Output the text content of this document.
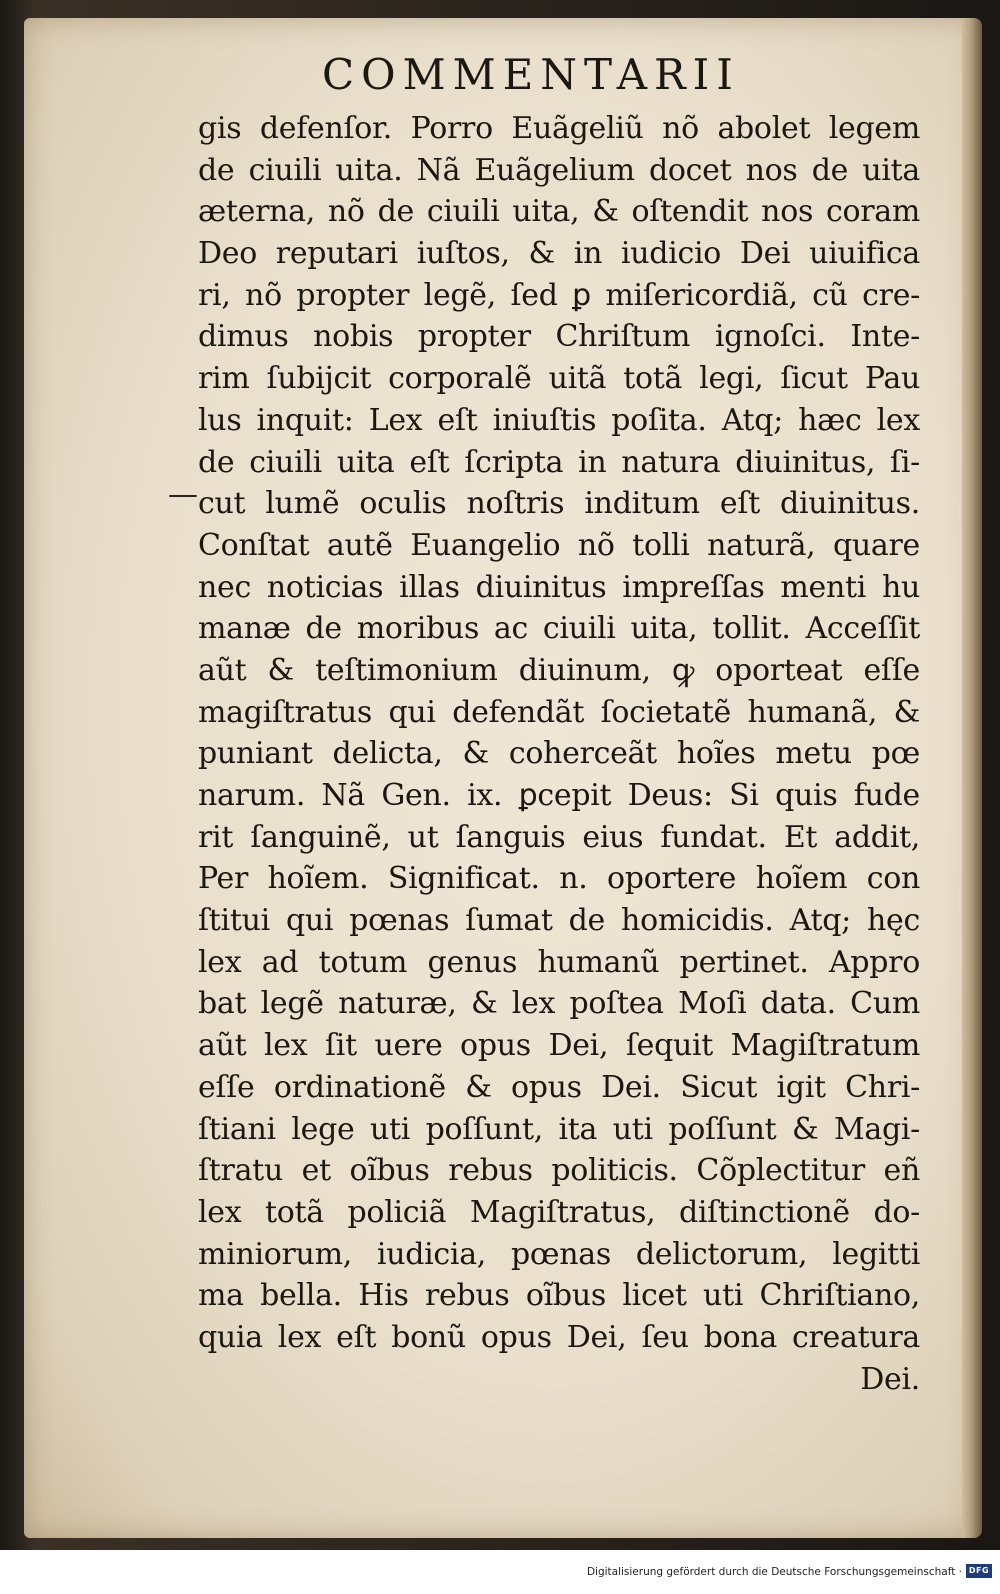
COMMENTARII
—
gis defenſor. Porro Euãgeliũ nõ abolet legem
de ciuili uita. Nã Euãgelium docet nos de uita
æterna, nõ de ciuili uita, & oſtendit nos coram
Deo reputari iuſtos, & in iudicio Dei uiuifica
ri, nõ propter legẽ, ſed ꝑ miſericordiã, cũ cre-
dimus nobis propter Chriſtum ignoſci. Inte-
rim ſubijcit corporalẽ uitã totã legi, ſicut Pau
lus inquit: Lex eſt iniuſtis poſita. Atq; hæc lex
de ciuili uita eſt ſcripta in natura diuinitus, ſi-
cut lumẽ oculis noſtris inditum eſt diuinitus.
Conſtat autẽ Euangelio nõ tolli naturã, quare
nec noticias illas diuinitus impreſſas menti hu
manæ de moribus ac ciuili uita, tollit. Acceſſit
aũt & teſtimonium diuinum, ꝙ oporteat eſſe
magiſtratus qui defendãt ſocietatẽ humanã, &
puniant delicta, & coherceãt hoĩes metu pœ
narum. Nã Gen. ix. ꝑcepit Deus: Si quis fude
rit ſanguinẽ, ut ſanguis eius fundat. Et addit,
Per hoĩem. Significat. n. oportere hoĩem con
ſtitui qui pœnas ſumat de homicidis. Atq; hęc
lex ad totum genus humanũ pertinet. Appro
bat legẽ naturæ, & lex poſtea Moſi data. Cum
aũt lex ſit uere opus Dei, ſequit Magiſtratum
eſſe ordinationẽ & opus Dei. Sicut igit Chri-
ſtiani lege uti poſſunt, ita uti poſſunt & Magi-
ſtratu et oĩbus rebus politicis. Cõplectitur eñ
lex totã policiã Magiſtratus, diſtinctionẽ do-
miniorum, iudicia, pœnas delictorum, legitti
ma bella. His rebus oĩbus licet uti Chriſtiano,
quia lex eſt bonũ opus Dei, ſeu bona creatura
Dei.
Digitalisierung gefördert durch die Deutsche Forschungsgemeinschaft · DFG
